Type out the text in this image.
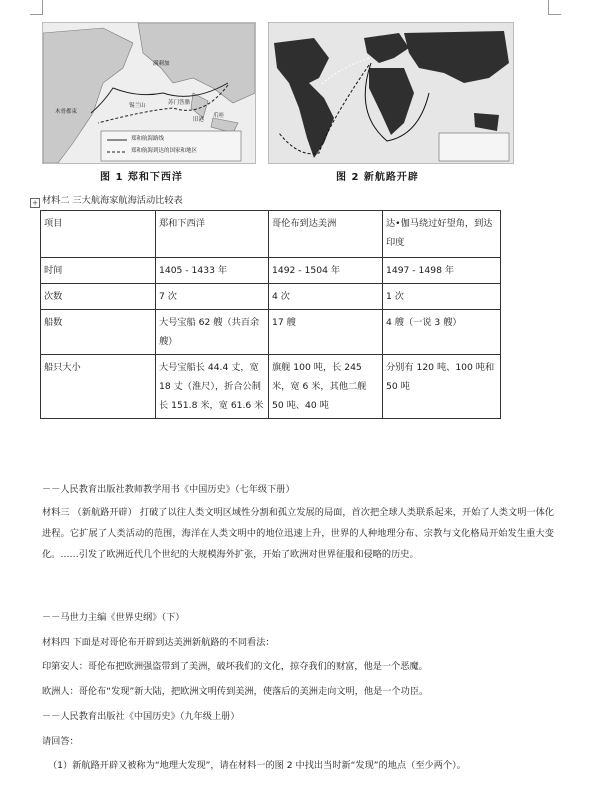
郑和航海路线
郑和航海到达的国家和地区
木骨都束
满刺加
旧港
爪哇
苏门答腊
锡兰山
图 1 郑和下西洋	图 2 新航路开辟
+ 材料二 三大航海家航海活动比较表
项目	郑和下西洋	哥伦布到达美洲	达•伽马绕过好望角，到达印度
时间	1405 - 1433 年	1492 - 1504 年	1497 - 1498 年
次数	7 次	4 次	1 次
船数	大号宝船 62 艘（共百余艘）	17 艘	4 艘（一说 3 艘）
船只大小	大号宝船长 44.4 丈，宽 18 丈（淮尺），折合公制长 151.8 米，宽 61.6 米	旗舰 100 吨，长 245 米，宽 6 米，其他二舰 50 吨、40 吨	分别有 120 吨、100 吨和 50 吨
－－人民教育出版社教师教学用书《中国历史》（七年级下册）
材料三 （新航路开辟） 打破了以往人类文明区域性分割和孤立发展的局面，首次把全球人类联系起来，开始了人类文明一体化进程。它扩展了人类活动的范围，海洋在人类文明中的地位迅速上升，世界的人种地理分布、宗教与文化格局开始发生重大变化。……引发了欧洲近代几个世纪的大规模海外扩张，开始了欧洲对世界征服和侵略的历史。
－－马世力主编《世界史纲》（下）
材料四 下面是对哥伦布开辟到达美洲新航路的不同看法：
印第安人：哥伦布把欧洲强盗带到了美洲，破坏我们的文化，掠夺我们的财富，他是一个恶魔。
欧洲人：哥伦布“发现”新大陆，把欧洲文明传到美洲，使落后的美洲走向文明，他是一个功臣。
－－人民教育出版社《中国历史》（九年级上册）
请回答：
（1）新航路开辟又被称为“地理大发现”，请在材料一的图 2 中找出当时新“发现”的地点（至少两个）。
